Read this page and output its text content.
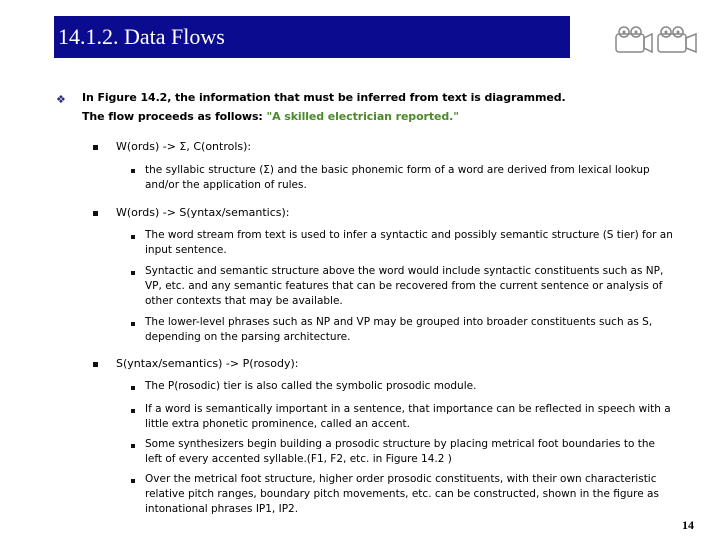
14.1.2. Data Flows
❖ In Figure 14.2, the information that must be inferred from text is diagrammed.
The flow proceeds as follows: "A skilled electrician reported."
W(ords) -> Σ, C(ontrols):
the syllabic structure (Σ) and the basic phonemic form of a word are derived from lexical lookup and/or the application of rules.
W(ords) -> S(yntax/semantics):
The word stream from text is used to infer a syntactic and possibly semantic structure (S tier) for an input sentence.
Syntactic and semantic structure above the word would include syntactic constituents such as NP, VP, etc. and any semantic features that can be recovered from the current sentence or analysis of other contexts that may be available.
The lower-level phrases such as NP and VP may be grouped into broader constituents such as S, depending on the parsing architecture.
S(yntax/semantics) -> P(rosody):
The P(rosodic) tier is also called the symbolic prosodic module.
If a word is semantically important in a sentence, that importance can be reflected in speech with a little extra phonetic prominence, called an accent.
Some synthesizers begin building a prosodic structure by placing metrical foot boundaries to the left of every accented syllable.(F1, F2, etc. in Figure 14.2 )
Over the metrical foot structure, higher order prosodic constituents, with their own characteristic relative pitch ranges, boundary pitch movements, etc. can be constructed, shown in the figure as intonational phrases IP1, IP2.
14
